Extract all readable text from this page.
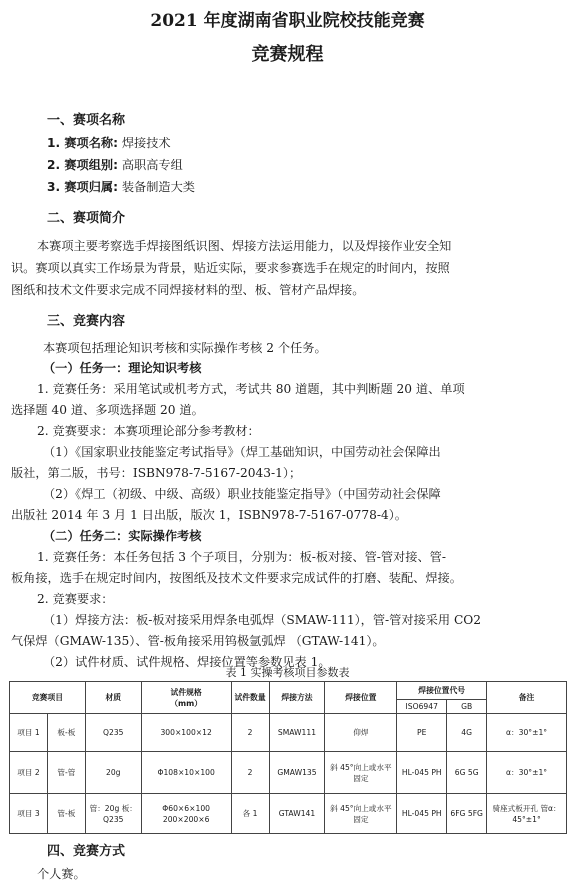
2021 年度湖南省职业院校技能竞赛
竞赛规程
一、赛项名称
1. 赛项名称: 焊接技术
2. 赛项组别: 高职高专组
3. 赛项归属: 装备制造大类
二、赛项简介
本赛项主要考察选手焊接图纸识图、焊接方法运用能力，以及焊接作业安全知
识。赛项以真实工作场景为背景，贴近实际，要求参赛选手在规定的时间内，按照
图纸和技术文件要求完成不同焊接材料的型、板、管材产品焊接。
三、竞赛内容
本赛项包括理论知识考核和实际操作考核 2 个任务。
（一）任务一：理论知识考核
1. 竞赛任务：采用笔试或机考方式，考试共 80 道题，其中判断题 20 道、单项
选择题 40 道、多项选择题 20 道。
2. 竞赛要求：本赛项理论部分参考教材：
（1）《国家职业技能鉴定考试指导》（焊工基础知识，中国劳动社会保障出
版社，第二版，书号：ISBN978-7-5167-2043-1）；
（2）《焊工（初级、中级、高级）职业技能鉴定指导》（中国劳动社会保障
出版社 2014 年 3 月 1 日出版，版次 1，ISBN978-7-5167-0778-4）。
（二）任务二：实际操作考核
1. 竞赛任务：本任务包括 3 个子项目，分别为：板-板对接、管-管对接、管-
板角接，选手在规定时间内，按图纸及技术文件要求完成试件的打磨、装配、焊接。
2. 竞赛要求：
（1）焊接方法：板-板对接采用焊条电弧焊（SMAW-111），管-管对接采用 CO2
气保焊（GMAW-135）、管-板角接采用钨极氩弧焊 （GTAW-141）。
（2）试件材质、试件规格、焊接位置等参数见表 1。
表 1 实操考核项目参数表
竞赛项目		材质	试件规格
（mm）	试件数量	焊接方法	焊接位置	焊接位置代号		备注
							ISO6947	GB	
项目 1	板-板	Q235	300×100×12	2	SMAW111	仰焊	PE	4G	α：30°±1°
项目 2	管-管	20g	Φ108×10×100	2	GMAW135	斜 45°向上或水平固定	HL-045 PH	6G 5G	α：30°±1°
项目 3	管-板	管：20g 板：Q235	Φ60×6×100 200×200×6	各 1	GTAW141	斜 45°向上或水平固定	HL-045 PH	6FG 5FG	骑座式板开孔 管α：45°±1°
四、竞赛方式
个人赛。
